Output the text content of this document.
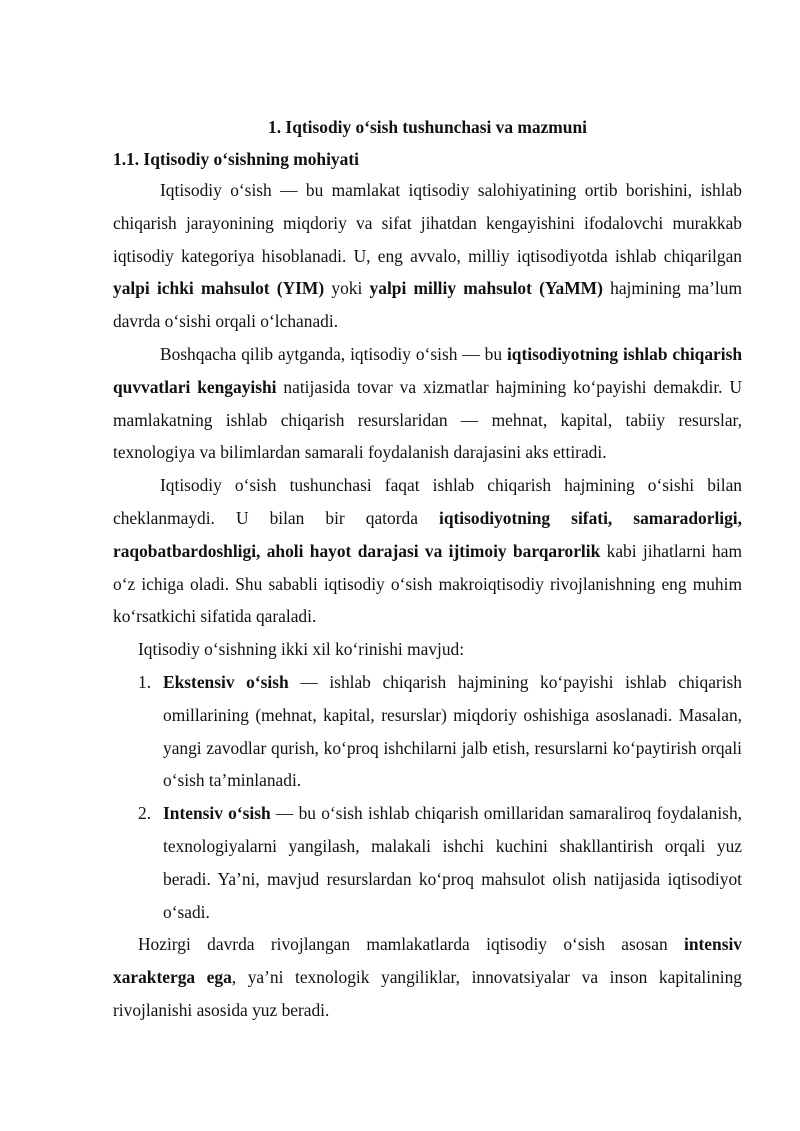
1. Iqtisodiy o‘sish tushunchasi va mazmuni
1.1. Iqtisodiy o‘sishning mohiyati

Iqtisodiy o‘sish — bu mamlakat iqtisodiy salohiyatining ortib borishini, ishlab chiqarish jarayonining miqdoriy va sifat jihatdan kengayishini ifodalovchi murakkab iqtisodiy kategoriya hisoblanadi. U, eng avvalo, milliy iqtisodiyotda ishlab chiqarilgan yalpi ichki mahsulot (YIM) yoki yalpi milliy mahsulot (YaMM) hajmining ma’lum davrda o‘sishi orqali o‘lchanadi.

Boshqacha qilib aytganda, iqtisodiy o‘sish — bu iqtisodiyotning ishlab chiqarish quvvatlari kengayishi natijasida tovar va xizmatlar hajmining ko‘payishi demakdir. U mamlakatning ishlab chiqarish resurslaridan — mehnat, kapital, tabiiy resurslar, texnologiya va bilimlardan samarali foydalanish darajasini aks ettiradi.

Iqtisodiy o‘sish tushunchasi faqat ishlab chiqarish hajmining o‘sishi bilan cheklanmaydi. U bilan bir qatorda iqtisodiyotning sifati, samaradorligi, raqobatbardoshligi, aholi hayot darajasi va ijtimoiy barqarorlik kabi jihatlarni ham o‘z ichiga oladi. Shu sababli iqtisodiy o‘sish makroiqtisodiy rivojlanishning eng muhim ko‘rsatkichi sifatida qaraladi.

Iqtisodiy o‘sishning ikki xil ko‘rinishi mavjud:

1. Ekstensiv o‘sish — ishlab chiqarish hajmining ko‘payishi ishlab chiqarish omillarining (mehnat, kapital, resurslar) miqdoriy oshishiga asoslanadi. Masalan, yangi zavodlar qurish, ko‘proq ishchilarni jalb etish, resurslarni ko‘paytirish orqali o‘sish ta’minlanadi.
2. Intensiv o‘sish — bu o‘sish ishlab chiqarish omillaridan samaraliroq foydalanish, texnologiyalarni yangilash, malakali ishchi kuchini shakllantirish orqali yuz beradi. Ya’ni, mavjud resurslardan ko‘proq mahsulot olish natijasida iqtisodiyot o‘sadi.

Hozirgi davrda rivojlangan mamlakatlarda iqtisodiy o‘sish asosan intensiv xarakterga ega, ya’ni texnologik yangiliklar, innovatsiyalar va inson kapitalining rivojlanishi asosida yuz beradi.
